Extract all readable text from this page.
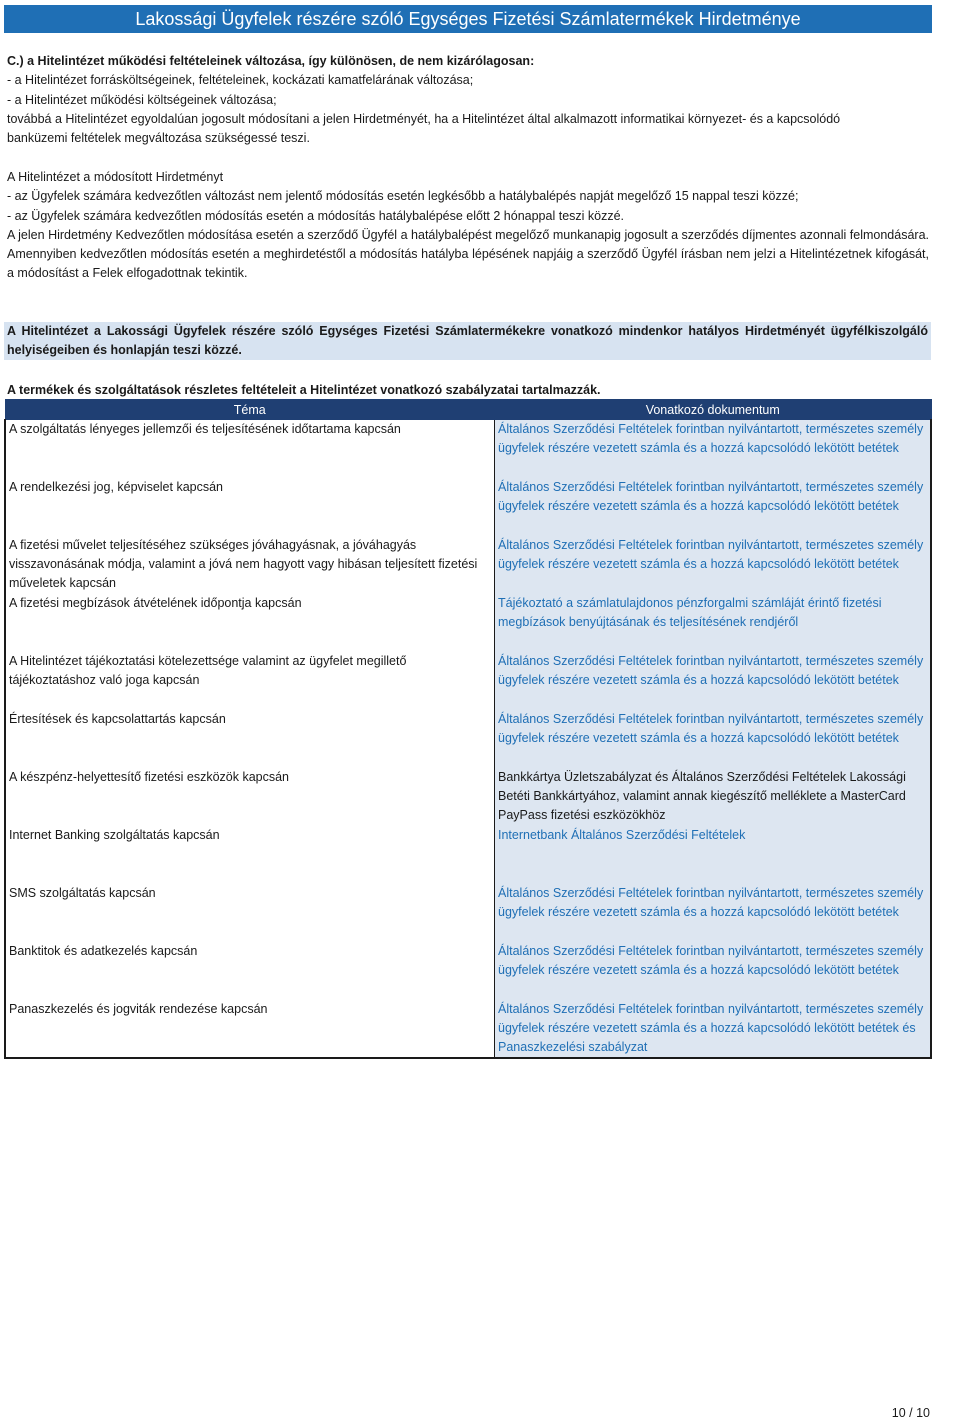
Lakossági Ügyfelek részére szóló Egységes Fizetési Számlatermékek Hirdetménye
C.) a Hitelintézet működési feltételeinek változása, így különösen, de nem kizárólagosan:
- a Hitelintézet forrásköltségeinek, feltételeinek, kockázati kamatfelárának változása;
- a Hitelintézet működési költségeinek változása;
továbbá a Hitelintézet egyoldalúan jogosult módosítani a jelen Hirdetményét, ha a Hitelintézet által alkalmazott informatikai környezet- és a kapcsolódó
banküzemi feltételek megváltozása szükségessé teszi.
A Hitelintézet a módosított Hirdetményt
- az Ügyfelek számára kedvezőtlen változást nem jelentő módosítás esetén legkésőbb a hatálybalépés napját megelőző 15 nappal teszi közzé;
- az Ügyfelek számára kedvezőtlen módosítás esetén a módosítás hatálybalépése előtt 2 hónappal teszi közzé.

A jelen Hirdetmény Kedvezőtlen módosítása esetén a szerződő Ügyfél a hatálybalépést megelőző munkanapig jogosult a szerződés díjmentes azonnali felmondására. Amennyiben kedvezőtlen módosítás esetén a meghirdetéstől a módosítás hatályba lépésének napjáig a szerződő Ügyfél írásban nem jelzi a Hitelintézetnek kifogását, a módosítást a Felek elfogadottnak tekintik.

A Hitelintézet a Lakossági Ügyfelek részére szóló Egységes Fizetési Számlatermékekre vonatkozó mindenkor hatályos Hirdetményét ügyfélkiszolgáló helyiségeiben és honlapján teszi közzé.
A termékek és szolgáltatások részletes feltételeit a Hitelintézet vonatkozó szabályzatai tartalmazzák.
Téma	Vonatkozó dokumentum
A szolgáltatás lényeges jellemzői és teljesítésének időtartama kapcsán	Általános Szerződési Feltételek forintban nyilvántartott, természetes személy ügyfelek részére vezetett számla és a hozzá kapcsolódó lekötött betétek
A rendelkezési jog, képviselet kapcsán	Általános Szerződési Feltételek forintban nyilvántartott, természetes személy ügyfelek részére vezetett számla és a hozzá kapcsolódó lekötött betétek
A fizetési művelet teljesítéséhez szükséges jóváhagyásnak, a jóváhagyás visszavonásának módja, valamint a jóvá nem hagyott vagy hibásan teljesített fizetési műveletek kapcsán	Általános Szerződési Feltételek forintban nyilvántartott, természetes személy ügyfelek részére vezetett számla és a hozzá kapcsolódó lekötött betétek
A fizetési megbízások átvételének időpontja kapcsán	Tájékoztató a számlatulajdonos pénzforgalmi számláját érintő fizetési megbízások benyújtásának és teljesítésének rendjéről
A Hitelintézet tájékoztatási kötelezettsége valamint az ügyfelet megillető tájékoztatáshoz való joga kapcsán	Általános Szerződési Feltételek forintban nyilvántartott, természetes személy ügyfelek részére vezetett számla és a hozzá kapcsolódó lekötött betétek
Értesítések és kapcsolattartás kapcsán	Általános Szerződési Feltételek forintban nyilvántartott, természetes személy ügyfelek részére vezetett számla és a hozzá kapcsolódó lekötött betétek
A készpénz-helyettesítő fizetési eszközök kapcsán	Bankkártya Üzletszabályzat és Általános Szerződési Feltételek Lakossági Betéti Bankkártyához, valamint annak kiegészítő melléklete a MasterCard PayPass fizetési eszközökhöz
Internet Banking szolgáltatás kapcsán	Internetbank Általános Szerződési Feltételek
SMS szolgáltatás kapcsán	Általános Szerződési Feltételek forintban nyilvántartott, természetes személy ügyfelek részére vezetett számla és a hozzá kapcsolódó lekötött betétek
Banktitok és adatkezelés kapcsán	Általános Szerződési Feltételek forintban nyilvántartott, természetes személy ügyfelek részére vezetett számla és a hozzá kapcsolódó lekötött betétek
Panaszkezelés és jogviták rendezése kapcsán	Általános Szerződési Feltételek forintban nyilvántartott, természetes személy ügyfelek részére vezetett számla és a hozzá kapcsolódó lekötött betétek és Panaszkezelési szabályzat
10 / 10
